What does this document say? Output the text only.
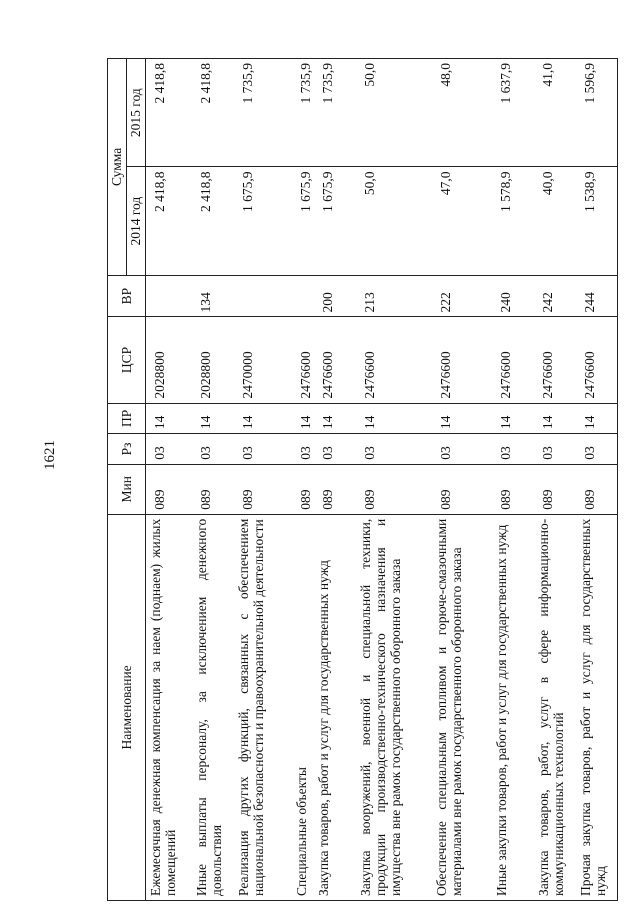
1621
Наименование	Мин	Рз	ПР	ЦСР	ВР	Сумма	
						2014 год	2015 год
Ежемесячная денежная компенсация за наем (поднаем) жилых помещений	089	03	14	2028800		2 418,8	2 418,8
Иные выплаты персоналу, за исключением денежного довольствия	089	03	14	2028800	134	2 418,8	2 418,8
Реализация других функций, связанных с обеспечением национальной безопасности и правоохранительной деятельности	089	03	14	2470000		1 675,9	1 735,9
Специальные объекты	089	03	14	2476600		1 675,9	1 735,9
Закупка товаров, работ и услуг для государственных нужд	089	03	14	2476600	200	1 675,9	1 735,9
Закупка вооружений, военной и специальной техники, продукции производственно-технического назначения и имущества вне рамок государственного оборонного заказа	089	03	14	2476600	213	50,0	50,0
Обеспечение специальным топливом и горюче-смазочными материалами вне рамок государственного оборонного заказа	089	03	14	2476600	222	47,0	48,0
Иные закупки товаров, работ и услуг для государственных нужд	089	03	14	2476600	240	1 578,9	1 637,9
Закупка товаров, работ, услуг в сфере информационно-коммуникационных технологий	089	03	14	2476600	242	40,0	41,0
Прочая закупка товаров, работ и услуг для государственных нужд	089	03	14	2476600	244	1 538,9	1 596,9
